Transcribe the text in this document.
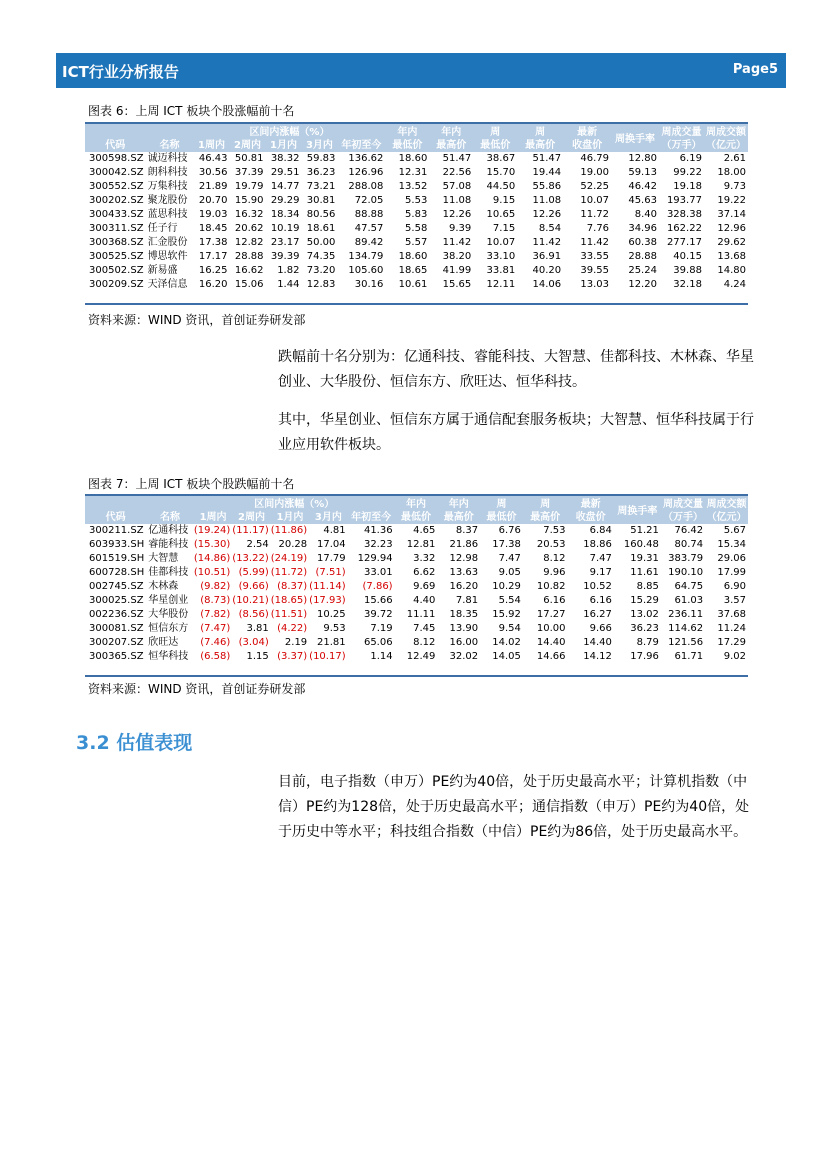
ICT行业分析报告	Page5
图表 6：上周 ICT 板块个股涨幅前十名
		区间内涨幅（%）					年内	年内	周	周	最新	周换手率	周成交量	周成交额
代码	名称	1周内	2周内	1月内	3月内	年初至今	最低价	最高价	最低价	最高价	收盘价		（万手）	（亿元）
300598.SZ	诚迈科技	46.43	50.81	38.32	59.83	136.62	18.60	51.47	38.67	51.47	46.79	12.80	6.19	2.61
300042.SZ	朗科科技	30.56	37.39	29.51	36.23	126.96	12.31	22.56	15.70	19.44	19.00	59.13	99.22	18.00
300552.SZ	万集科技	21.89	19.79	14.77	73.21	288.08	13.52	57.08	44.50	55.86	52.25	46.42	19.18	9.73
300202.SZ	聚龙股份	20.70	15.90	29.29	30.81	72.05	5.53	11.08	9.15	11.08	10.07	45.63	193.77	19.22
300433.SZ	蓝思科技	19.03	16.32	18.34	80.56	88.88	5.83	12.26	10.65	12.26	11.72	8.40	328.38	37.14
300311.SZ	任子行	18.45	20.62	10.19	18.61	47.57	5.58	9.39	7.15	8.54	7.76	34.96	162.22	12.96
300368.SZ	汇金股份	17.38	12.82	23.17	50.00	89.42	5.57	11.42	10.07	11.42	11.42	60.38	277.17	29.62
300525.SZ	博思软件	17.17	28.88	39.39	74.35	134.79	18.60	38.20	33.10	36.91	33.55	28.88	40.15	13.68
300502.SZ	新易盛	16.25	16.62	1.82	73.20	105.60	18.65	41.99	33.81	40.20	39.55	25.24	39.88	14.80
300209.SZ	天泽信息	16.20	15.06	1.44	12.83	30.16	10.61	15.65	12.11	14.06	13.03	12.20	32.18	4.24
资料来源：WIND 资讯，首创证券研发部
跌幅前十名分别为：亿通科技、睿能科技、大智慧、佳都科技、木林森、华星创业、大华股份、恒信东方、欣旺达、恒华科技。
其中，华星创业、恒信东方属于通信配套服务板块；大智慧、恒华科技属于行业应用软件板块。
图表 7：上周 ICT 板块个股跌幅前十名
		区间内涨幅（%）					年内	年内	周	周	最新	周换手率	周成交量	周成交额
代码	名称	1周内	2周内	1月内	3月内	年初至今	最低价	最高价	最低价	最高价	收盘价		（万手）	（亿元）
300211.SZ	亿通科技	(19.24)	(11.17)	(11.86)	4.81	41.36	4.65	8.37	6.76	7.53	6.84	51.21	76.42	5.67
603933.SH	睿能科技	(15.30)	2.54	20.28	17.04	32.23	12.81	21.86	17.38	20.53	18.86	160.48	80.74	15.34
601519.SH	大智慧	(14.86)	(13.22)	(24.19)	17.79	129.94	3.32	12.98	7.47	8.12	7.47	19.31	383.79	29.06
600728.SH	佳都科技	(10.51)	(5.99)	(11.72)	(7.51)	33.01	6.62	13.63	9.05	9.96	9.17	11.61	190.10	17.99
002745.SZ	木林森	(9.82)	(9.66)	(8.37)	(11.14)	(7.86)	9.69	16.20	10.29	10.82	10.52	8.85	64.75	6.90
300025.SZ	华星创业	(8.73)	(10.21)	(18.65)	(17.93)	15.66	4.40	7.81	5.54	6.16	6.16	15.29	61.03	3.57
002236.SZ	大华股份	(7.82)	(8.56)	(11.51)	10.25	39.72	11.11	18.35	15.92	17.27	16.27	13.02	236.11	37.68
300081.SZ	恒信东方	(7.47)	3.81	(4.22)	9.53	7.19	7.45	13.90	9.54	10.00	9.66	36.23	114.62	11.24
300207.SZ	欣旺达	(7.46)	(3.04)	2.19	21.81	65.06	8.12	16.00	14.02	14.40	14.40	8.79	121.56	17.29
300365.SZ	恒华科技	(6.58)	1.15	(3.37)	(10.17)	1.14	12.49	32.02	14.05	14.66	14.12	17.96	61.71	9.02
资料来源：WIND 资讯，首创证券研发部
3.2 估值表现
目前，电子指数（申万）PE约为40倍，处于历史最高水平；计算机指数（中信）PE约为128倍，处于历史最高水平；通信指数（申万）PE约为40倍，处于历史中等水平；科技组合指数（中信）PE约为86倍，处于历史最高水平。
